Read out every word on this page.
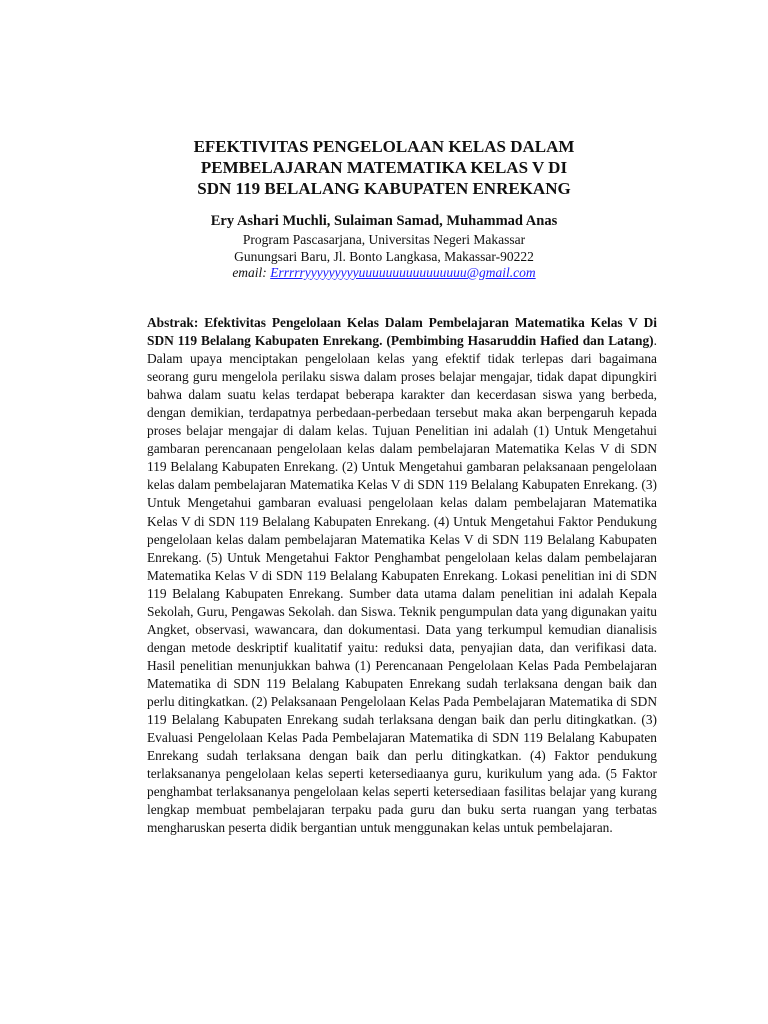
EFEKTIVITAS PENGELOLAAN KELAS DALAM
PEMBELAJARAN MATEMATIKA KELAS V DI
SDN 119 BELALANG KABUPATEN ENREKANG

Ery Ashari Muchli, Sulaiman Samad, Muhammad Anas

Program Pascasarjana, Universitas Negeri Makassar
Gunungsari Baru, Jl. Bonto Langkasa, Makassar-90222
email: Errrrryyyyyyyyyuuuuuuuuuuuuuuuu@gmail.com

Abstrak: Efektivitas Pengelolaan Kelas Dalam Pembelajaran Matematika Kelas V Di SDN 119 Belalang Kabupaten Enrekang. (Pembimbing Hasaruddin Hafied dan Latang). Dalam upaya menciptakan pengelolaan kelas yang efektif tidak terlepas dari bagaimana seorang guru mengelola perilaku siswa dalam proses belajar mengajar, tidak dapat dipungkiri bahwa dalam suatu kelas terdapat beberapa karakter dan kecerdasan siswa yang berbeda, dengan demikian, terdapatnya perbedaan-perbedaan tersebut maka akan berpengaruh kepada proses belajar mengajar di dalam kelas. Tujuan Penelitian ini adalah (1) Untuk Mengetahui gambaran perencanaan pengelolaan kelas dalam pembelajaran Matematika Kelas V di SDN 119 Belalang Kabupaten Enrekang. (2) Untuk Mengetahui gambaran pelaksanaan pengelolaan kelas dalam pembelajaran Matematika Kelas V di SDN 119 Belalang Kabupaten Enrekang. (3) Untuk Mengetahui gambaran evaluasi pengelolaan kelas dalam pembelajaran Matematika Kelas V di SDN 119 Belalang Kabupaten Enrekang. (4) Untuk Mengetahui Faktor Pendukung pengelolaan kelas dalam pembelajaran Matematika Kelas V di SDN 119 Belalang Kabupaten Enrekang. (5) Untuk Mengetahui Faktor Penghambat pengelolaan kelas dalam pembelajaran Matematika Kelas V di SDN 119 Belalang Kabupaten Enrekang. Lokasi penelitian ini di SDN 119 Belalang Kabupaten Enrekang. Sumber data utama dalam penelitian ini adalah Kepala Sekolah, Guru, Pengawas Sekolah. dan Siswa. Teknik pengumpulan data yang digunakan yaitu Angket, observasi, wawancara, dan dokumentasi. Data yang terkumpul kemudian dianalisis dengan metode deskriptif kualitatif yaitu: reduksi data, penyajian data, dan verifikasi data. Hasil penelitian menunjukkan bahwa (1) Perencanaan Pengelolaan Kelas Pada Pembelajaran Matematika di SDN 119 Belalang Kabupaten Enrekang sudah terlaksana dengan baik dan perlu ditingkatkan. (2) Pelaksanaan Pengelolaan Kelas Pada Pembelajaran Matematika di SDN 119 Belalang Kabupaten Enrekang sudah terlaksana dengan baik dan perlu ditingkatkan. (3) Evaluasi Pengelolaan Kelas Pada Pembelajaran Matematika di SDN 119 Belalang Kabupaten Enrekang sudah terlaksana dengan baik dan perlu ditingkatkan. (4) Faktor pendukung terlaksananya pengelolaan kelas seperti ketersediaanya guru, kurikulum yang ada. (5 Faktor penghambat terlaksananya pengelolaan kelas seperti ketersediaan fasilitas belajar yang kurang lengkap membuat pembelajaran terpaku pada guru dan buku serta ruangan yang terbatas mengharuskan peserta didik bergantian untuk menggunakan kelas untuk pembelajaran.
